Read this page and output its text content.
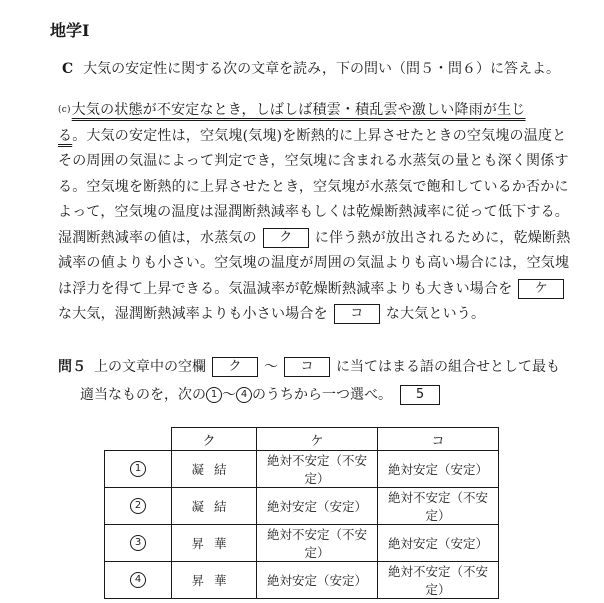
地学Ⅰ
C 大気の安定性に関する次の文章を読み，下の問い（問５・問６）に答えよ。
$^{(c)}$大気の状態が不安定なとき，しばしば積雲・積乱雲や激しい降雨が生じ
る。大気の安定性は，空気塊(気塊)を断熱的に上昇させたときの空気塊の温度と
その周囲の気温によって判定でき，空気塊に含まれる水蒸気の量とも深く関係す
る。空気塊を断熱的に上昇させたとき，空気塊が水蒸気で飽和しているか否かに
よって，空気塊の温度は湿潤断熱減率もしくは乾燥断熱減率に従って低下する。
湿潤断熱減率の値は，水蒸気の ク に伴う熱が放出されるために，乾燥断熱
減率の値よりも小さい。空気塊の温度が周囲の気温よりも高い場合には，空気塊
は浮力を得て上昇できる。気温減率が乾燥断熱減率よりも大きい場合を ケ
な大気，湿潤断熱減率よりも小さい場合を コ な大気という。
問５ 上の文章中の空欄 ク 〜 コ に当てはまる語の組合せとして最も
適当なものを，次の 1 〜 4 のうちから一つ選べ。 5
	ク	ケ	コ
1	凝結	絶対不安定（不安定）	絶対安定（安定）
2	凝結	絶対安定（安定）	絶対不安定（不安定）
3	昇華	絶対不安定（不安定）	絶対安定（安定）
4	昇華	絶対安定（安定）	絶対不安定（不安定）
